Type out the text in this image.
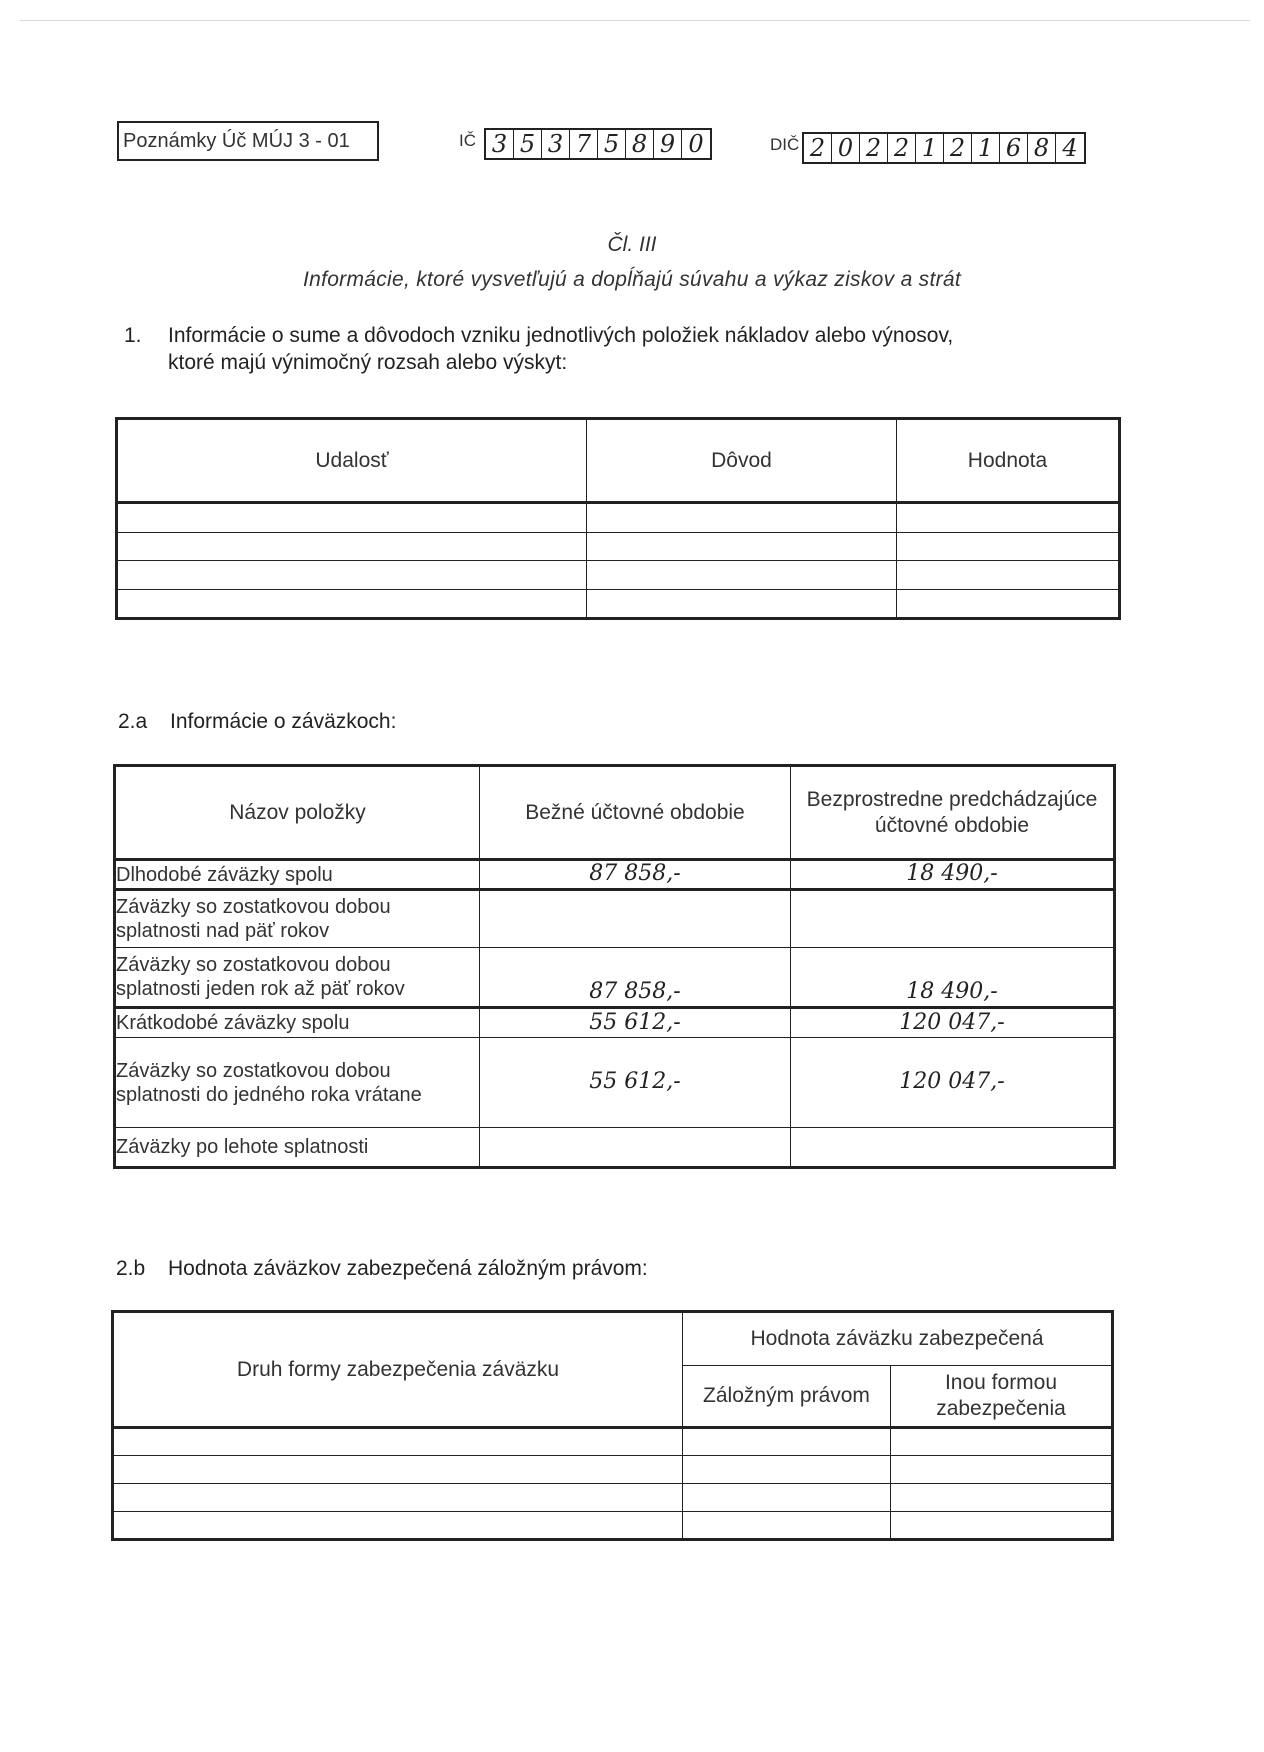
Poznámky Úč MÚJ 3 - 01	IČ 3 5 3 7 5 8 9 0	DIČ 2 0 2 2 1 2 1 6 8 4
Čl. III
Informácie, ktoré vysvetľujú a dopĺňajú súvahu a výkaz ziskov a strát
1. Informácie o sume a dôvodoch vzniku jednotlivých položiek nákladov alebo výnosov,
ktoré majú výnimočný rozsah alebo výskyt:
Udalosť	Dôvod	Hodnota

2.a Informácie o záväzkoch:
Názov položky	Bežné účtovné obdobie	Bezprostredne predchádzajúce účtovné obdobie
Dlhodobé záväzky spolu	87 858,-	18 490,-
Záväzky so zostatkovou dobou splatnosti nad päť rokov		
Záväzky so zostatkovou dobou splatnosti jeden rok až päť rokov	87 858,-	18 490,-
Krátkodobé záväzky spolu	55 612,-	120 047,-
Záväzky so zostatkovou dobou splatnosti do jedného roka vrátane	55 612,-	120 047,-
Záväzky po lehote splatnosti		
2.b Hodnota záväzkov zabezpečená záložným právom:
Druh formy zabezpečenia záväzku	Hodnota záväzku zabezpečená	
	Záložným právom	Inou formou zabezpečenia
